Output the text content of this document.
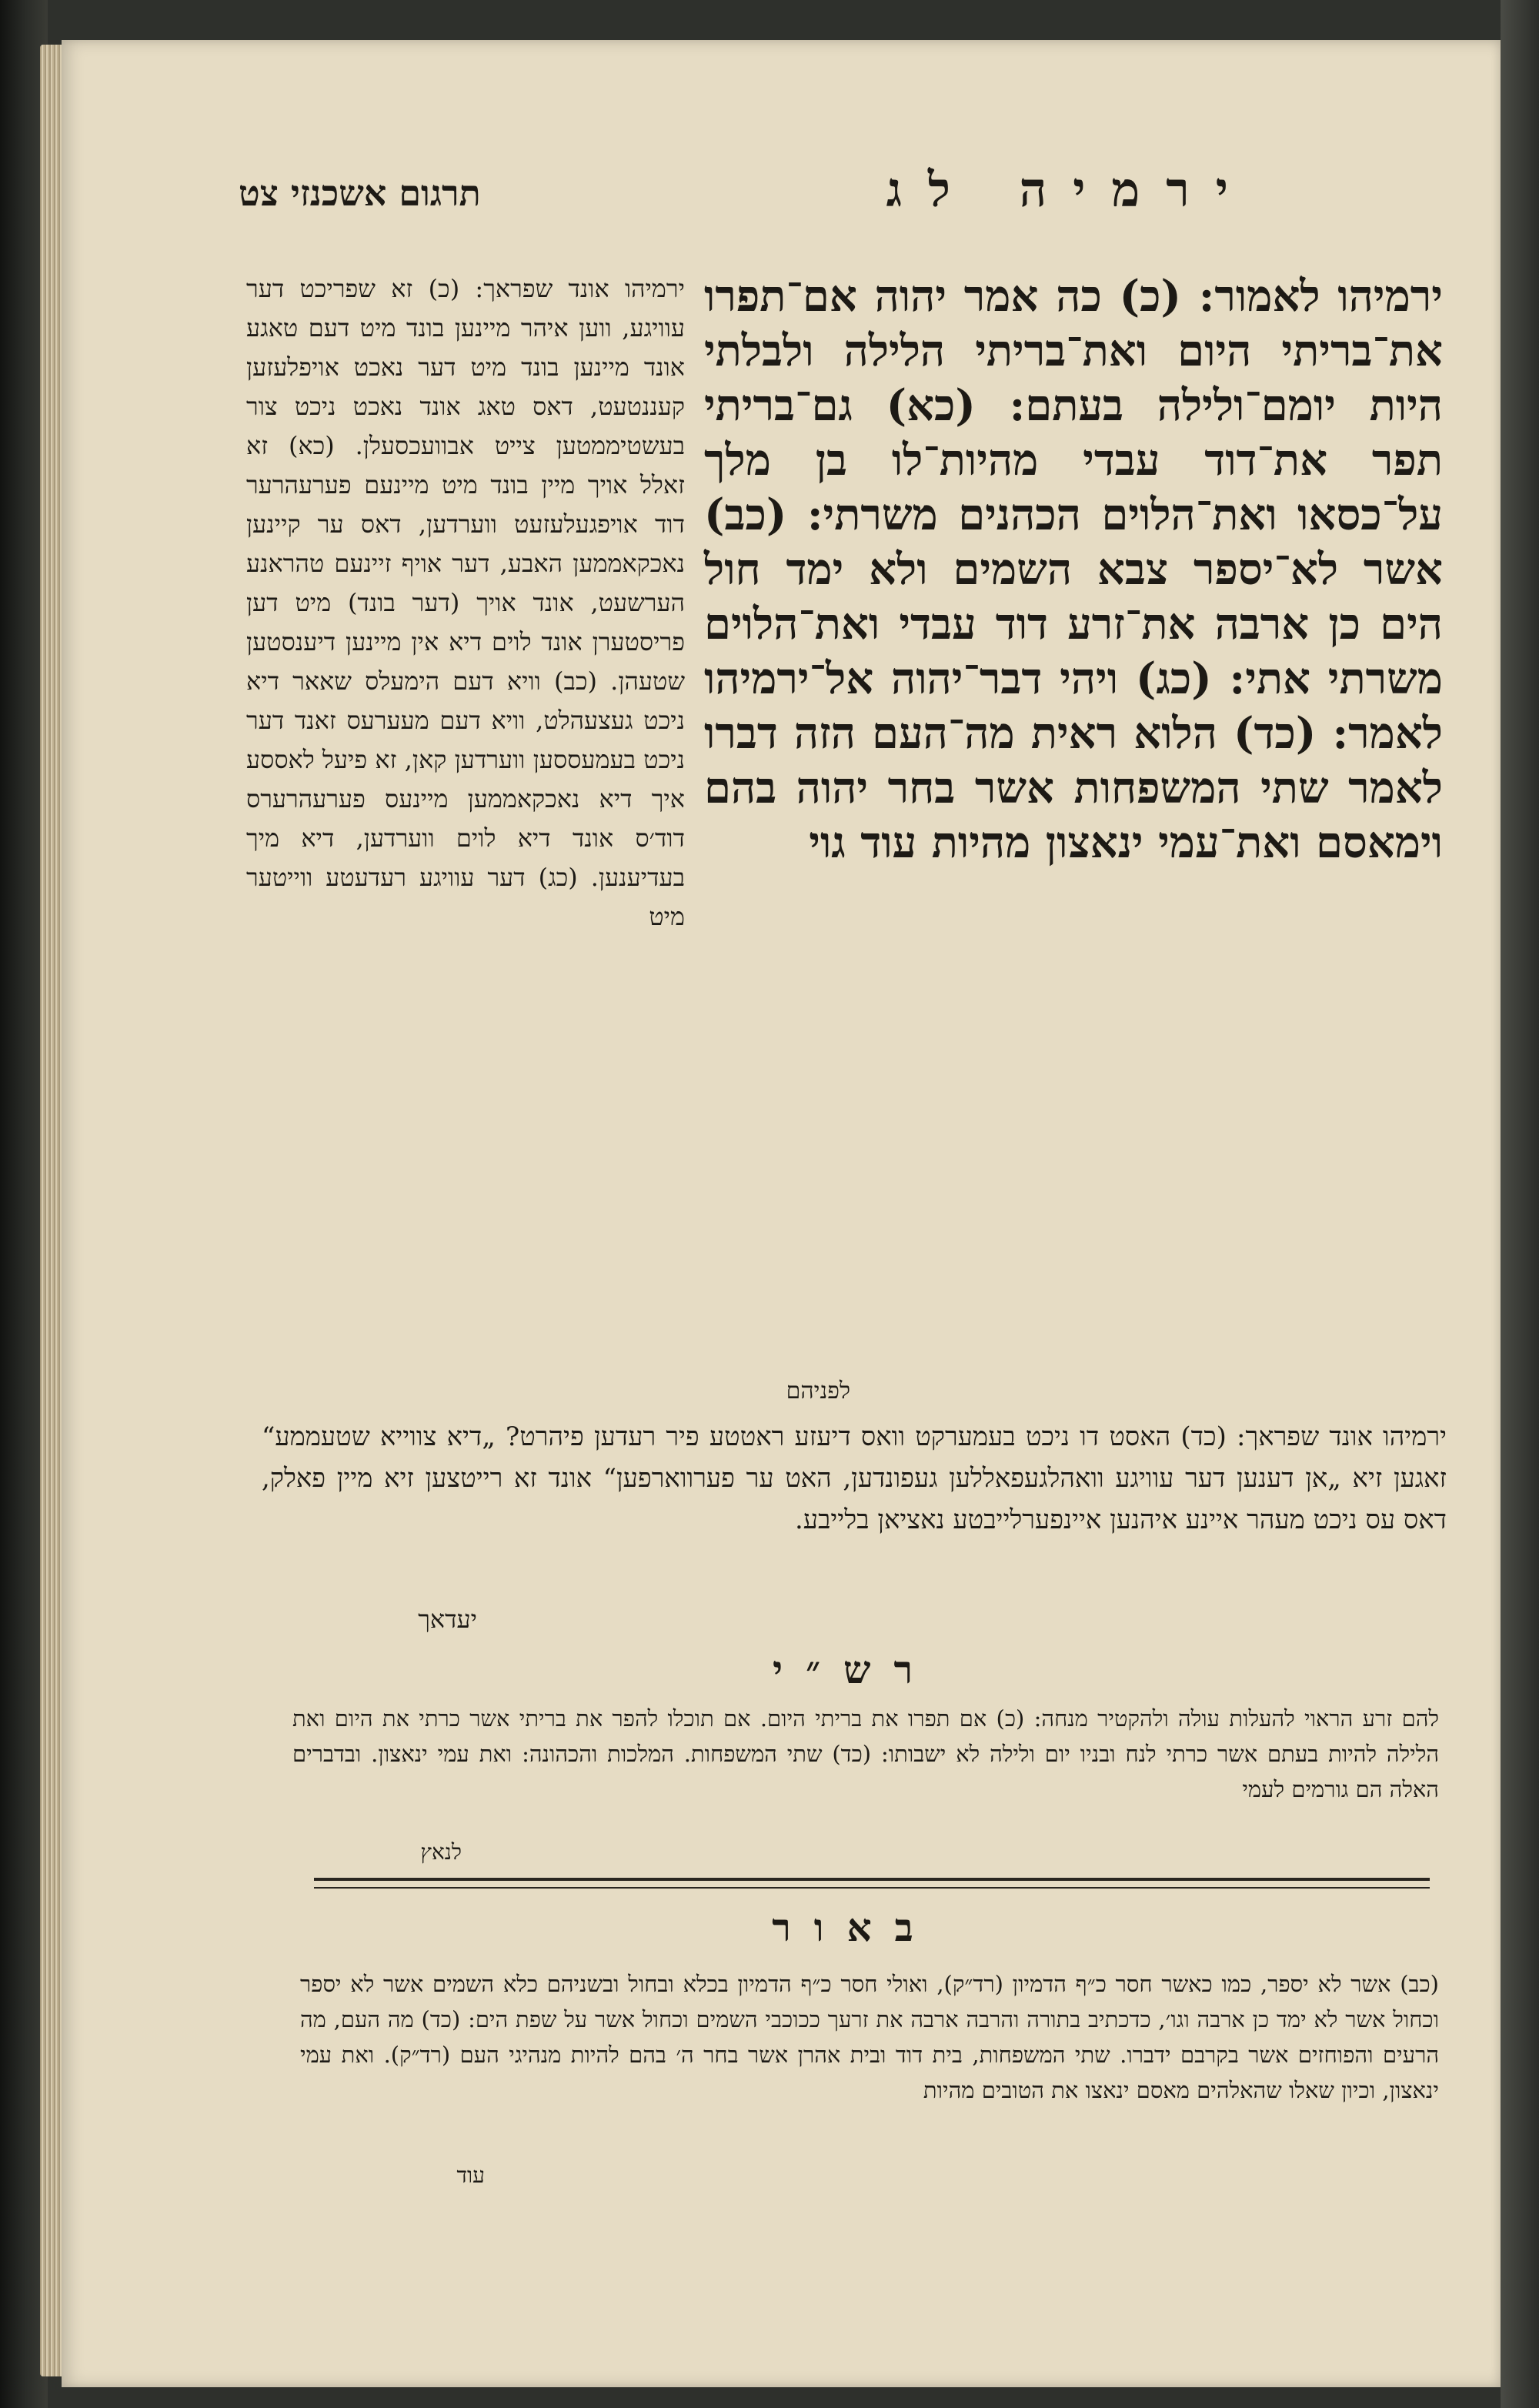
ירמיה לג
תרגום אשכנזי צט
ירמיהו לאמור: (כ) כה אמר יהוה אם־תפרו את־בריתי היום ואת־בריתי הלילה ולבלתי היות יומם־ולילה בעתם: (כא) גם־בריתי תפר את־דוד עבדי מהיות־לו בן מלך על־כסאו ואת־הלוים הכהנים משרתי: (כב) אשר לא־יספר צבא השמים ולא ימד חול הים כן ארבה את־זרע דוד עבדי ואת־הלוים משרתי אתי: (כג) ויהי דבר־יהוה אל־ירמיהו לאמר: (כד) הלוא ראית מה־העם הזה דברו לאמר שתי המשפחות אשר בחר יהוה בהם וימאסם ואת־עמי ינאצון מהיות עוד גוי
ירמיהו אונד שפראך: (כ) זא שפריכט דער עוויגע, ווען איהר מיינען בונד מיט דעם טאגע אונד מיינען בונד מיט דער נאכט אויפלעזען קעננטעט, דאס טאג אונד נאכט ניכט צור בעשטיממטען צייט אבוועכסעלן. (כא) זא זאלל אויך מיין בונד מיט מיינעם פערעהרער דוד אויפגעלעזעט ווערדען, דאס ער קיינען נאכקאממען האבע, דער אויף זיינעם טהראנע הערשעט, אונד אויך (דער בונד) מיט דען פריסטערן אונד לוים דיא אין מיינען דיענסטען שטעהן. (כב) וויא דעם הימעלס שאאר דיא ניכט געצעהלט, וויא דעם מעערעס זאנד דער ניכט בעמעססען ווערדען קאן, זא פיעל לאססע איך דיא נאכקאממען מיינעס פערעהרערס דוד׳ס אונד דיא לוים ווערדען, דיא מיך בעדיענען. (כג) דער עוויגע רעדעטע ווייטער מיט
לפניהם
ירמיהו אונד שפראך: (כד) האסט דו ניכט בעמערקט וואס דיעזע ראטטע פיר רעדען פיהרט? „דיא צווייא שטעממע“ זאגען זיא „אן דענען דער עוויגע וואהלגעפאללען געפונדען, האט ער פערווארפען“ אונד זא רייטצען זיא מיין פאלק, דאס עס ניכט מעהר איינע איהנען איינפערלייבטע נאציאן בלייבע.
יעדאך
רש״י
להם זרע הראוי להעלות עולה ולהקטיר מנחה: (כ) אם תפרו את בריתי היום. אם תוכלו להפר את בריתי אשר כרתי את היום ואת הלילה להיות בעתם אשר כרתי לנח ובניו יום ולילה לא ישבותו: (כד) שתי המשפחות. המלכות והכהונה: ואת עמי ינאצון. ובדברים האלה הם גורמים לעמי
לנאץ
באור
(כב) אשר לא יספר, כמו כאשר חסר כ״ף הדמיון (רד״ק), ואולי חסר כ״ף הדמיון בכלא ובחול ובשניהם כלא השמים אשר לא יספר וכחול אשר לא ימד כן ארבה וגו׳, כדכתיב בתורה והרבה ארבה את זרעך ככוכבי השמים וכחול אשר על שפת הים: (כד) מה העם, מה הרעים והפוחזים אשר בקרבם ידברו. שתי המשפחות, בית דוד ובית אהרן אשר בחר ה׳ בהם להיות מנהיגי העם (רד״ק). ואת עמי ינאצון, וכיון שאלו שהאלהים מאסם ינאצו את הטובים מהיות
עוד
